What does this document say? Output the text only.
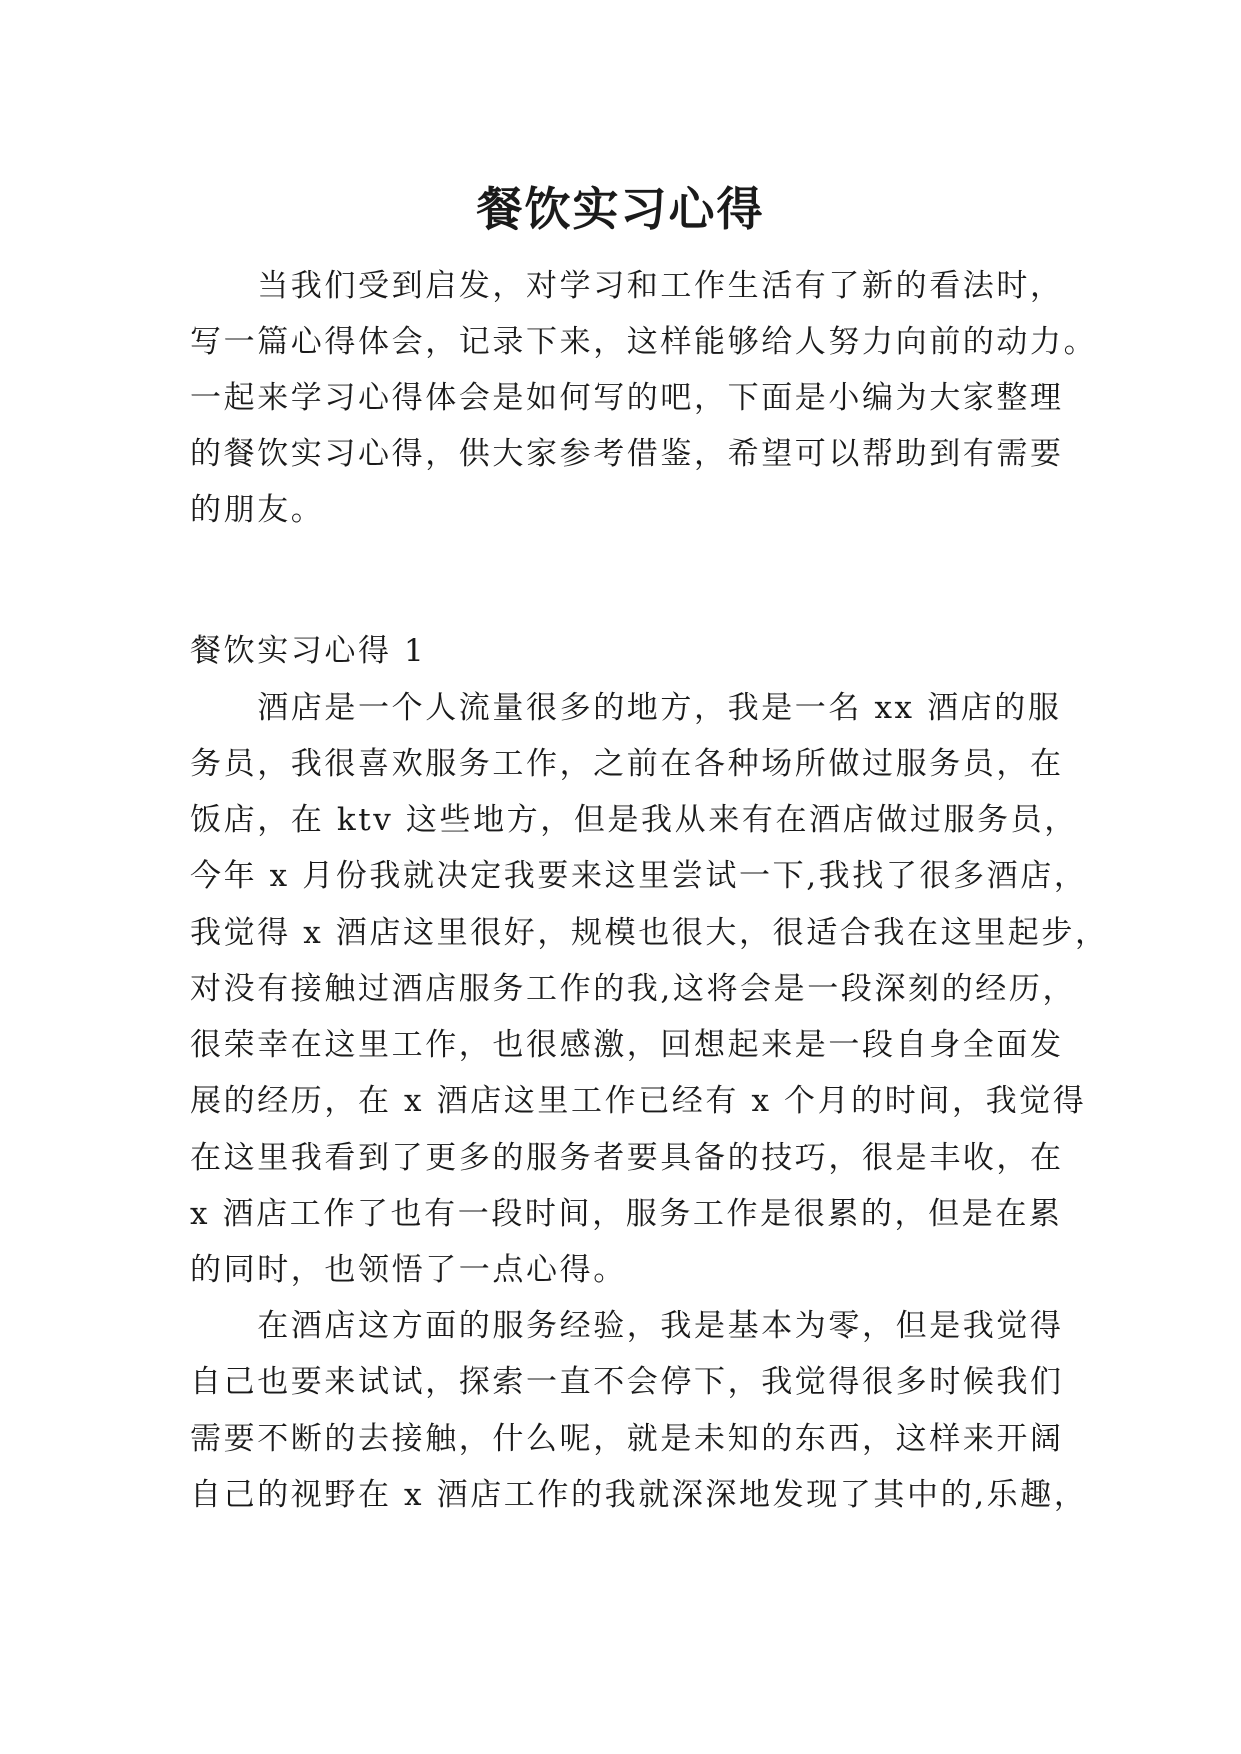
餐饮实习心得
　　当我们受到启发，对学习和工作生活有了新的看法时，
写一篇心得体会，记录下来，这样能够给人努力向前的动力。
一起来学习心得体会是如何写的吧，下面是小编为大家整理
的餐饮实习心得，供大家参考借鉴，希望可以帮助到有需要
的朋友。
餐饮实习心得 1
　　酒店是一个人流量很多的地方，我是一名 xx 酒店的服
务员，我很喜欢服务工作，之前在各种场所做过服务员，在
饭店，在 ktv 这些地方，但是我从来有在酒店做过服务员，
今年 x 月份我就决定我要来这里尝试一下,我找了很多酒店，
我觉得 x 酒店这里很好，规模也很大，很适合我在这里起步，
对没有接触过酒店服务工作的我,这将会是一段深刻的经历，
很荣幸在这里工作，也很感激，回想起来是一段自身全面发
展的经历，在 x 酒店这里工作已经有 x 个月的时间，我觉得
在这里我看到了更多的服务者要具备的技巧，很是丰收，在
x 酒店工作了也有一段时间，服务工作是很累的，但是在累
的同时，也领悟了一点心得。
　　在酒店这方面的服务经验，我是基本为零，但是我觉得
自己也要来试试，探索一直不会停下，我觉得很多时候我们
需要不断的去接触，什么呢，就是未知的东西，这样来开阔
自己的视野在 x 酒店工作的我就深深地发现了其中的,乐趣，
